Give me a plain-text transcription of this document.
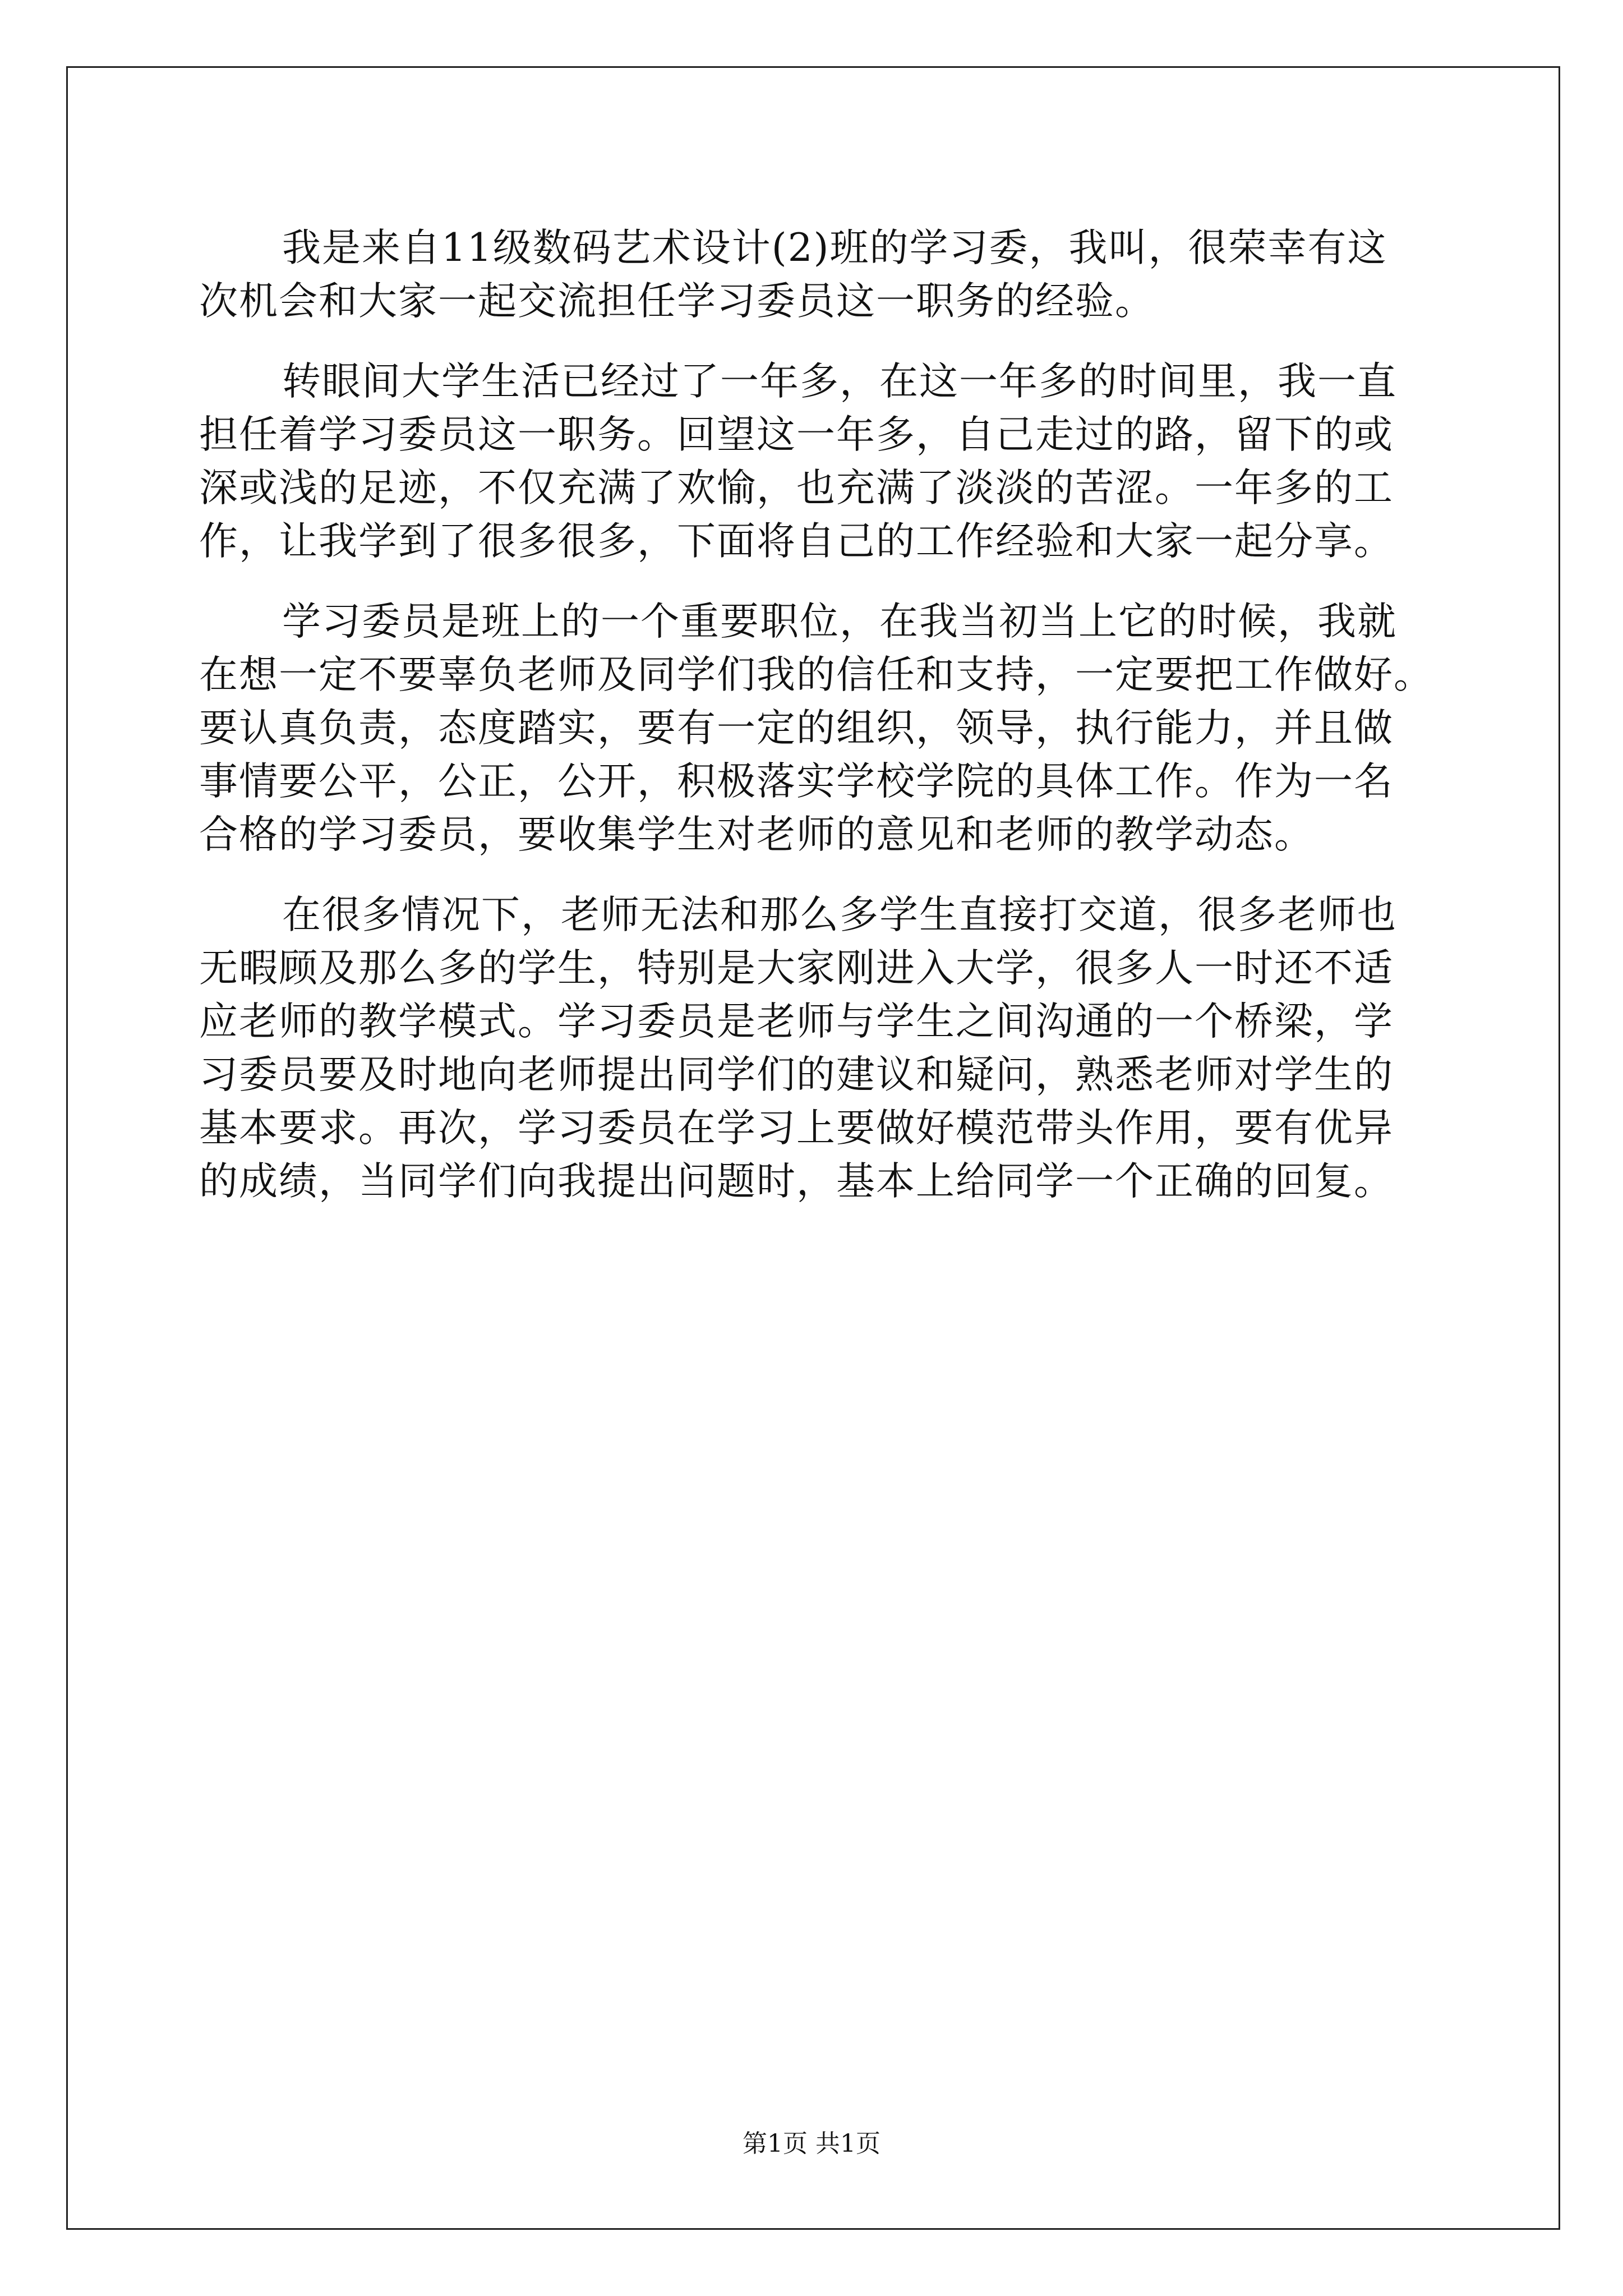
我是来自11级数码艺术设计(2)班的学习委，我叫，很荣幸有这
次机会和大家一起交流担任学习委员这一职务的经验。
转眼间大学生活已经过了一年多，在这一年多的时间里，我一直
担任着学习委员这一职务。回望这一年多，自己走过的路，留下的或
深或浅的足迹，不仅充满了欢愉，也充满了淡淡的苦涩。一年多的工
作，让我学到了很多很多，下面将自己的工作经验和大家一起分享。
学习委员是班上的一个重要职位，在我当初当上它的时候，我就
在想一定不要辜负老师及同学们我的信任和支持，一定要把工作做好。
要认真负责，态度踏实，要有一定的组织，领导，执行能力，并且做
事情要公平，公正，公开，积极落实学校学院的具体工作。作为一名
合格的学习委员，要收集学生对老师的意见和老师的教学动态。
在很多情况下，老师无法和那么多学生直接打交道，很多老师也
无暇顾及那么多的学生，特别是大家刚进入大学，很多人一时还不适
应老师的教学模式。学习委员是老师与学生之间沟通的一个桥梁，学
习委员要及时地向老师提出同学们的建议和疑问，熟悉老师对学生的
基本要求。再次，学习委员在学习上要做好模范带头作用，要有优异
的成绩，当同学们向我提出问题时，基本上给同学一个正确的回复。
第1页 共1页
